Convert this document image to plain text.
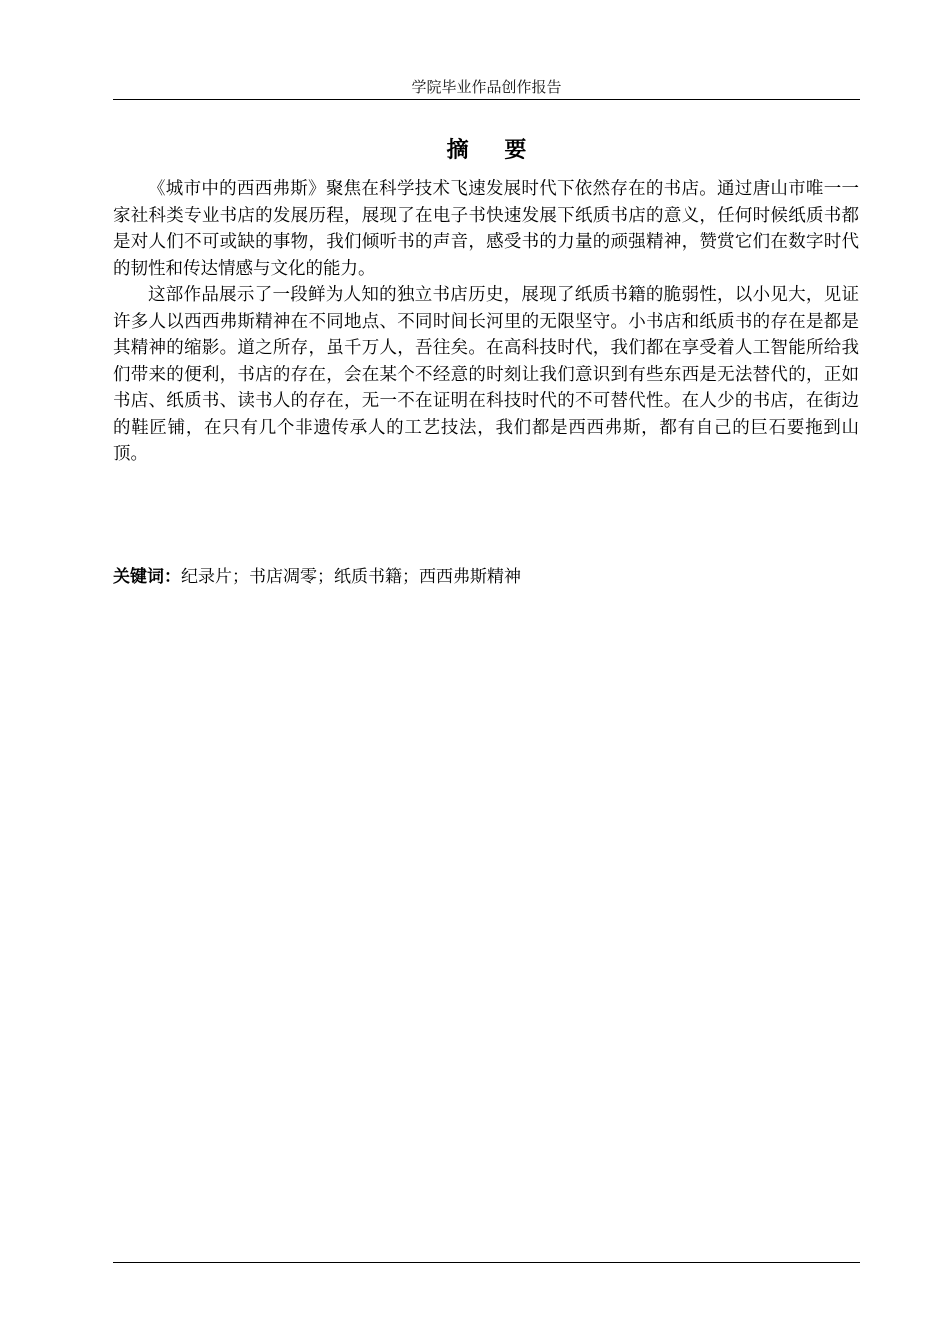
学院毕业作品创作报告
摘 要

《城市中的西西弗斯》聚焦在科学技术飞速发展时代下依然存在的书店。通过唐山市唯一一家社科类专业书店的发展历程，展现了在电子书快速发展下纸质书店的意义，任何时候纸质书都是对人们不可或缺的事物，我们倾听书的声音，感受书的力量的顽强精神，赞赏它们在数字时代的韧性和传达情感与文化的能力。

这部作品展示了一段鲜为人知的独立书店历史，展现了纸质书籍的脆弱性，以小见大，见证许多人以西西弗斯精神在不同地点、不同时间长河里的无限坚守。小书店和纸质书的存在是都是其精神的缩影。道之所存，虽千万人，吾往矣。在高科技时代，我们都在享受着人工智能所给我们带来的便利，书店的存在，会在某个不经意的时刻让我们意识到有些东西是无法替代的，正如书店、纸质书、读书人的存在，无一不在证明在科技时代的不可替代性。在人少的书店，在街边的鞋匠铺，在只有几个非遗传承人的工艺技法，我们都是西西弗斯，都有自己的巨石要拖到山顶。

关键词：纪录片；书店凋零；纸质书籍；西西弗斯精神
